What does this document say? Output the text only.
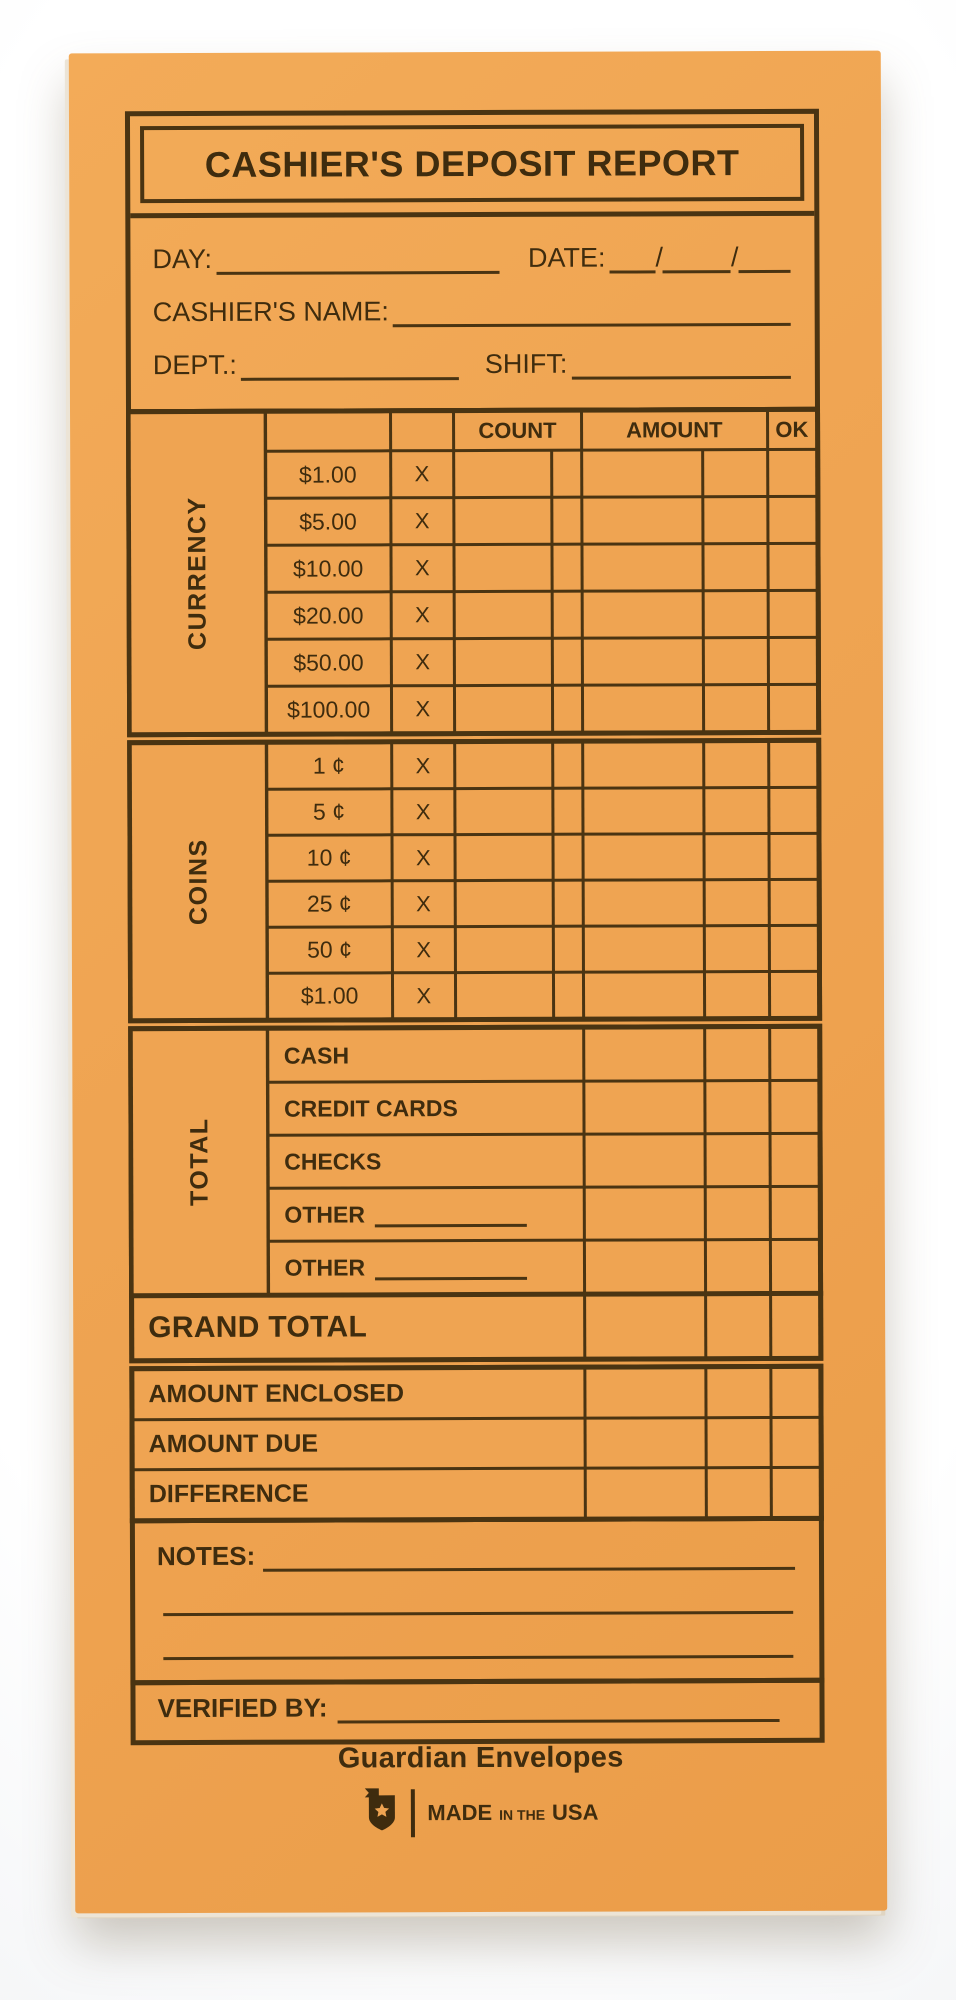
CASHIER'S DEPOSIT REPORT
DAY:	DATE: /	/
CASHIER'S NAME:
DEPT.:	SHIFT:
CURRENCY
COUNT	AMOUNT	OK
$1.00	X
$5.00	X
$10.00	X
$20.00	X
$50.00	X
$100.00	X
COINS
1 ¢	X
5 ¢	X
10 ¢	X
25 ¢	X
50 ¢	X
$1.00	X
TOTAL
CASH
CREDIT CARDS
CHECKS
OTHER
OTHER
GRAND TOTAL
AMOUNT ENCLOSED
AMOUNT DUE
DIFFERENCE
NOTES:
VERIFIED BY:
Guardian Envelopes
MADE IN THE USA
